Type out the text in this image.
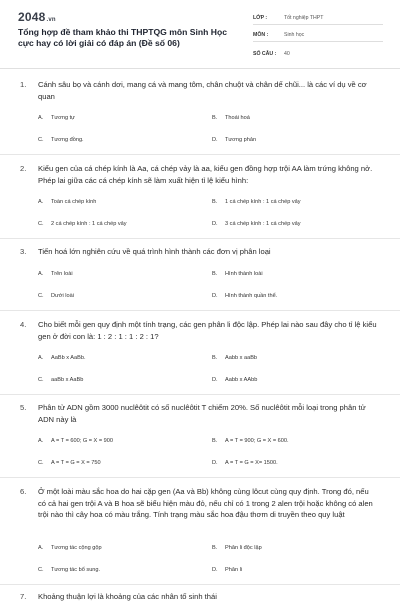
2048.vn
Tổng hợp đề tham khảo thi THPTQG môn Sinh Học cực hay có lời giải có đáp án (Đề số 06)
LỚP :	Tốt nghiệp THPT
MÔN :	Sinh học
SỐ CÂU : 40
1. Cánh sâu bọ và cánh dơi, mang cá và mang tôm, chân chuột và chân dế chũi... là các ví dụ về cơ quan
A. Tương tự	B. Thoái hoá
C. Tương đồng.	D. Tương phản
2. Kiểu gen của cá chép kính là Aa, cá chép vảy là aa, kiểu gen đồng hợp trội AA làm trứng không nở. Phép lai giữa các cá chép kính sẽ làm xuất hiện tỉ lệ kiểu hình:
A. Toàn cá chép kính	B. 1 cá chép kính : 1 cá chép vảy
C. 2 cá chép kính : 1 cá chép vảy	D. 3 cá chép kính : 1 cá chép vảy
3. Tiến hoá lớn nghiên cứu về quá trình hình thành các đơn vị phân loại
A. Trên loài	B. Hình thành loài
C. Dưới loài	D. Hình thành quần thể.
4. Cho biết mỗi gen quy định một tính trạng, các gen phân li độc lập. Phép lai nào sau đây cho tỉ lệ kiểu gen ở đời con là: 1 : 2 : 1 : 1 : 2 : 1?
A. AaBb x AaBb.	B. Aabb x aaBb
C. aaBb x AaBb	D. Aabb x AAbb
5. Phân tử ADN gồm 3000 nuclêôtit có số nuclêôtit T chiếm 20%. Số nuclêôtit mỗi loại trong phân tử ADN này là
A. A = T = 600; G = X = 900	B. A = T = 900; G = X = 600.
C. A = T = G = X = 750	D. A = T = G = X= 1500.
6. Ở một loài màu sắc hoa do hai cặp gen (Aa và Bb) không cùng lôcut cùng quy định. Trong đó, nếu có cả hai gen trội A và B hoa sẽ biểu hiện màu đỏ, nếu chỉ có 1 trong 2 alen trội hoặc không có alen trội nào thì cây hoa có màu trắng. Tính trạng màu sắc hoa đậu thơm di truyền theo quy luật
A. Tương tác cộng gộp	B. Phân li độc lập
C. Tương tác bổ sung.	D. Phân li
7. Khoảng thuận lợi là khoảng của các nhân tố sinh thái
